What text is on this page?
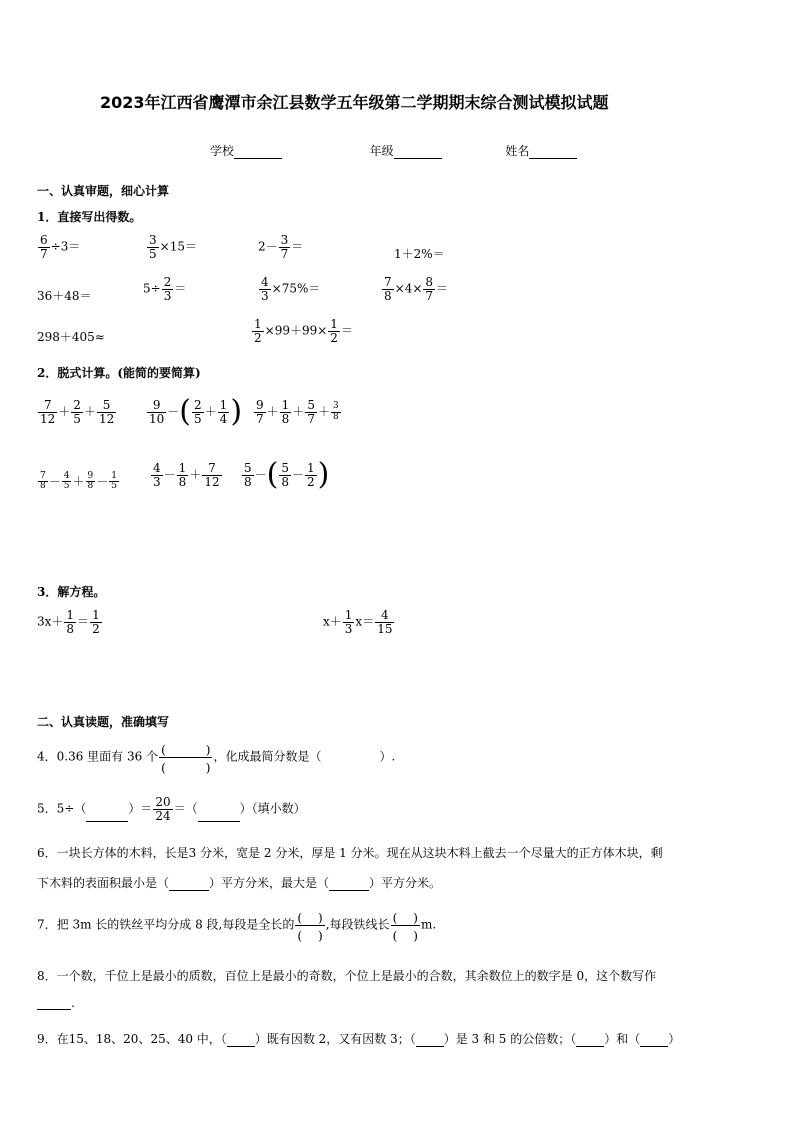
2023年江西省鹰潭市余江县数学五年级第二学期期末综合测试模拟试题
学校	年级	姓名
一、认真审题，细心计算
1．直接写出得数。
$\frac{6}{7} \div 3=$	$\frac{3}{5} \times 15=$	$2- \frac{3}{7}$ ＝
1＋2%＝
36＋48＝
$5\div \frac{2}{3}$ ＝	$\frac{4}{3} \times 75\%=$	$\frac{7}{8} \times 4\times \frac{8}{7}$ ＝
298＋405≈	$\frac{1}{2} \times 99+99\times \frac{1}{2}$ ＝
2．脱式计算。(能简的要简算)
$\frac{7}{12} + \frac{2}{5} + \frac{5}{12}$	$\frac{9}{10}$ －( $\frac{2}{5} + \frac{1}{4}$ ) $\frac{9}{7} + \frac{1}{8} + \frac{5}{7} + \frac{3}{8}$
$\frac{7}{8} - \frac{4}{5} + \frac{9}{8} - \frac{1}{5}$	$\frac{4}{3} - \frac{1}{8} + \frac{7}{12} \frac{5}{8}$ －( $\frac{5}{8} - \frac{1}{2}$ )
3．解方程。
$3x+ \frac{1}{8} = \frac{1}{2}$	$x+ \frac{1}{3} x= \frac{4}{15}$
二、认真读题，准确填写
4．0.36 里面有 36 个 (	)
(	) ，化成最简分数是（	）.
5．5÷（	）＝ $\frac{20}{24}$ ＝（	）（填小数）
6．一块长方体的木料，长是3 分米，宽是 2 分米，厚是 1 分米。现在从这块木料上截去一个尽量大的正方体木块，剩
下木料的表面积最小是（	）平方分米，最大是（	）平方分米。
7．把 3m 长的铁丝平均分成 8 段,每段是全长的 $\frac{( )}{( )}$ ,每段铁线长 $\frac{( )}{( )} m$.
8．一个数，千位上是最小的质数，百位上是最小的奇数，个位上是最小的合数，其余数位上的数字是 0，这个数写作
.
9．在15、18、20、25、40 中，（ ）既有因数 2，又有因数 3；（ ）是 3 和 5 的公倍数；（ ）和（ ）
